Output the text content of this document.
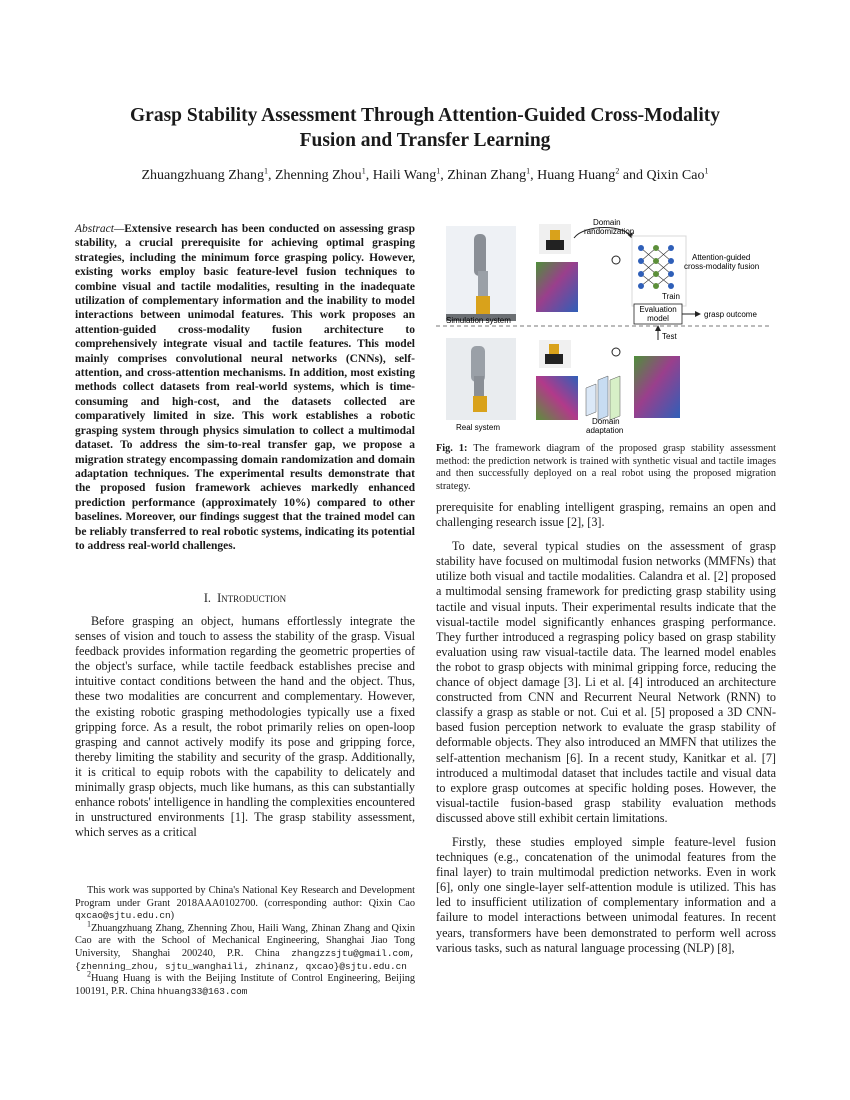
Grasp Stability Assessment Through Attention-Guided Cross-Modality
Fusion and Transfer Learning
Zhuangzhuang Zhang$^1$, Zhenning Zhou$^1$, Haili Wang$^1$, Zhinan Zhang$^1$, Huang Huang$^2$ and Qixin Cao$^1$
Abstract—Extensive research has been conducted on assessing grasp stability, a crucial prerequisite for achieving optimal grasping strategies, including the minimum force grasping policy. However, existing works employ basic feature-level fusion techniques to combine visual and tactile modalities, resulting in the inadequate utilization of complementary information and the inability to model interactions between unimodal features. This work proposes an attention-guided cross-modality fusion architecture to comprehensively integrate visual and tactile features. This model mainly comprises convolutional neural networks (CNNs), self-attention, and cross-attention mechanisms. In addition, most existing methods collect datasets from real-world systems, which is time-consuming and high-cost, and the datasets collected are comparatively limited in size. This work establishes a robotic grasping system through physics simulation to collect a multimodal dataset. To address the sim-to-real transfer gap, we propose a migration strategy encompassing domain randomization and domain adaptation techniques. The experimental results demonstrate that the proposed fusion framework achieves markedly enhanced prediction performance (approximately 10%) compared to other baselines. Moreover, our findings suggest that the trained model can be reliably transferred to real robotic systems, indicating its potential to address real-world challenges.
I. Introduction

Before grasping an object, humans effortlessly integrate the senses of vision and touch to assess the stability of the grasp. Visual feedback provides information regarding the geometric properties of the object's surface, while tactile feedback establishes precise and intuitive contact conditions between the hand and the object. Thus, these two modalities are concurrent and complementary. However, the existing robotic grasping methodologies typically use a fixed gripping force. As a result, the robot primarily relies on open-loop grasping and cannot actively modify its pose and gripping force, thereby limiting the stability and security of the grasp. Additionally, it is critical to equip robots with the capability to delicately and minimally grasp objects, much like humans, as this can substantially enhance robots' intelligence in handling the complexities encountered in unstructured environments [1]. The grasp stability assessment, which serves as a critical

This work was supported by China's National Key Research and Development Program under Grant 2018AAA0102700. (corresponding author: Qixin Cao qxcao@sjtu.edu.cn)

$^1$Zhuangzhuang Zhang, Zhenning Zhou, Haili Wang, Zhinan Zhang and Qixin Cao are with the School of Mechanical Engineering, Shanghai Jiao Tong University, Shanghai 200240, P.R. China zhangzzsjtu@gmail.com, {zhenning_zhou, sjtu_wanghaili, zhinanz, qxcao}@sjtu.edu.cn

$^2$Huang Huang is with the Beijing Institute of Control Engineering, Beijing 100191, P.R. China hhuang33@163.com

Simulation system
Domain
randomization
Attention-guided
cross-modality fusion
Train
Evaluation
model	grasp outcome
Test
Real system
Domain
adaptation
Fig. 1: The framework diagram of the proposed grasp stability assessment method: the prediction network is trained with synthetic visual and tactile images and then successfully deployed on a real robot using the proposed migration strategy.

prerequisite for enabling intelligent grasping, remains an open and challenging research issue [2], [3].

To date, several typical studies on the assessment of grasp stability have focused on multimodal fusion networks (MMFNs) that utilize both visual and tactile modalities. Calandra et al. [2] proposed a multimodal sensing framework for predicting grasp stability using tactile and visual inputs. Their experimental results indicate that the visual-tactile model significantly enhances grasping performance. They further introduced a regrasping policy based on grasp stability evaluation using raw visual-tactile data. The learned model enables the robot to grasp objects with minimal gripping force, reducing the chance of object damage [3]. Li et al. [4] introduced an architecture constructed from CNN and Recurrent Neural Network (RNN) to classify a grasp as stable or not. Cui et al. [5] proposed a 3D CNN-based fusion perception network to evaluate the grasp stability of deformable objects. They also introduced an MMFN that utilizes the self-attention mechanism [6]. In a recent study, Kanitkar et al. [7] introduced a multimodal dataset that includes tactile and visual data to explore grasp outcomes at specific holding poses. However, the visual-tactile fusion-based grasp stability evaluation methods discussed above still exhibit certain limitations.

Firstly, these studies employed simple feature-level fusion techniques (e.g., concatenation of the unimodal features from the final layer) to train multimodal prediction networks. Even in work [6], only one single-layer self-attention module is utilized. This has led to insufficient utilization of complementary information and a failure to model interactions between unimodal features. In recent years, transformers have been demonstrated to perform well across various tasks, such as natural language processing (NLP) [8],
